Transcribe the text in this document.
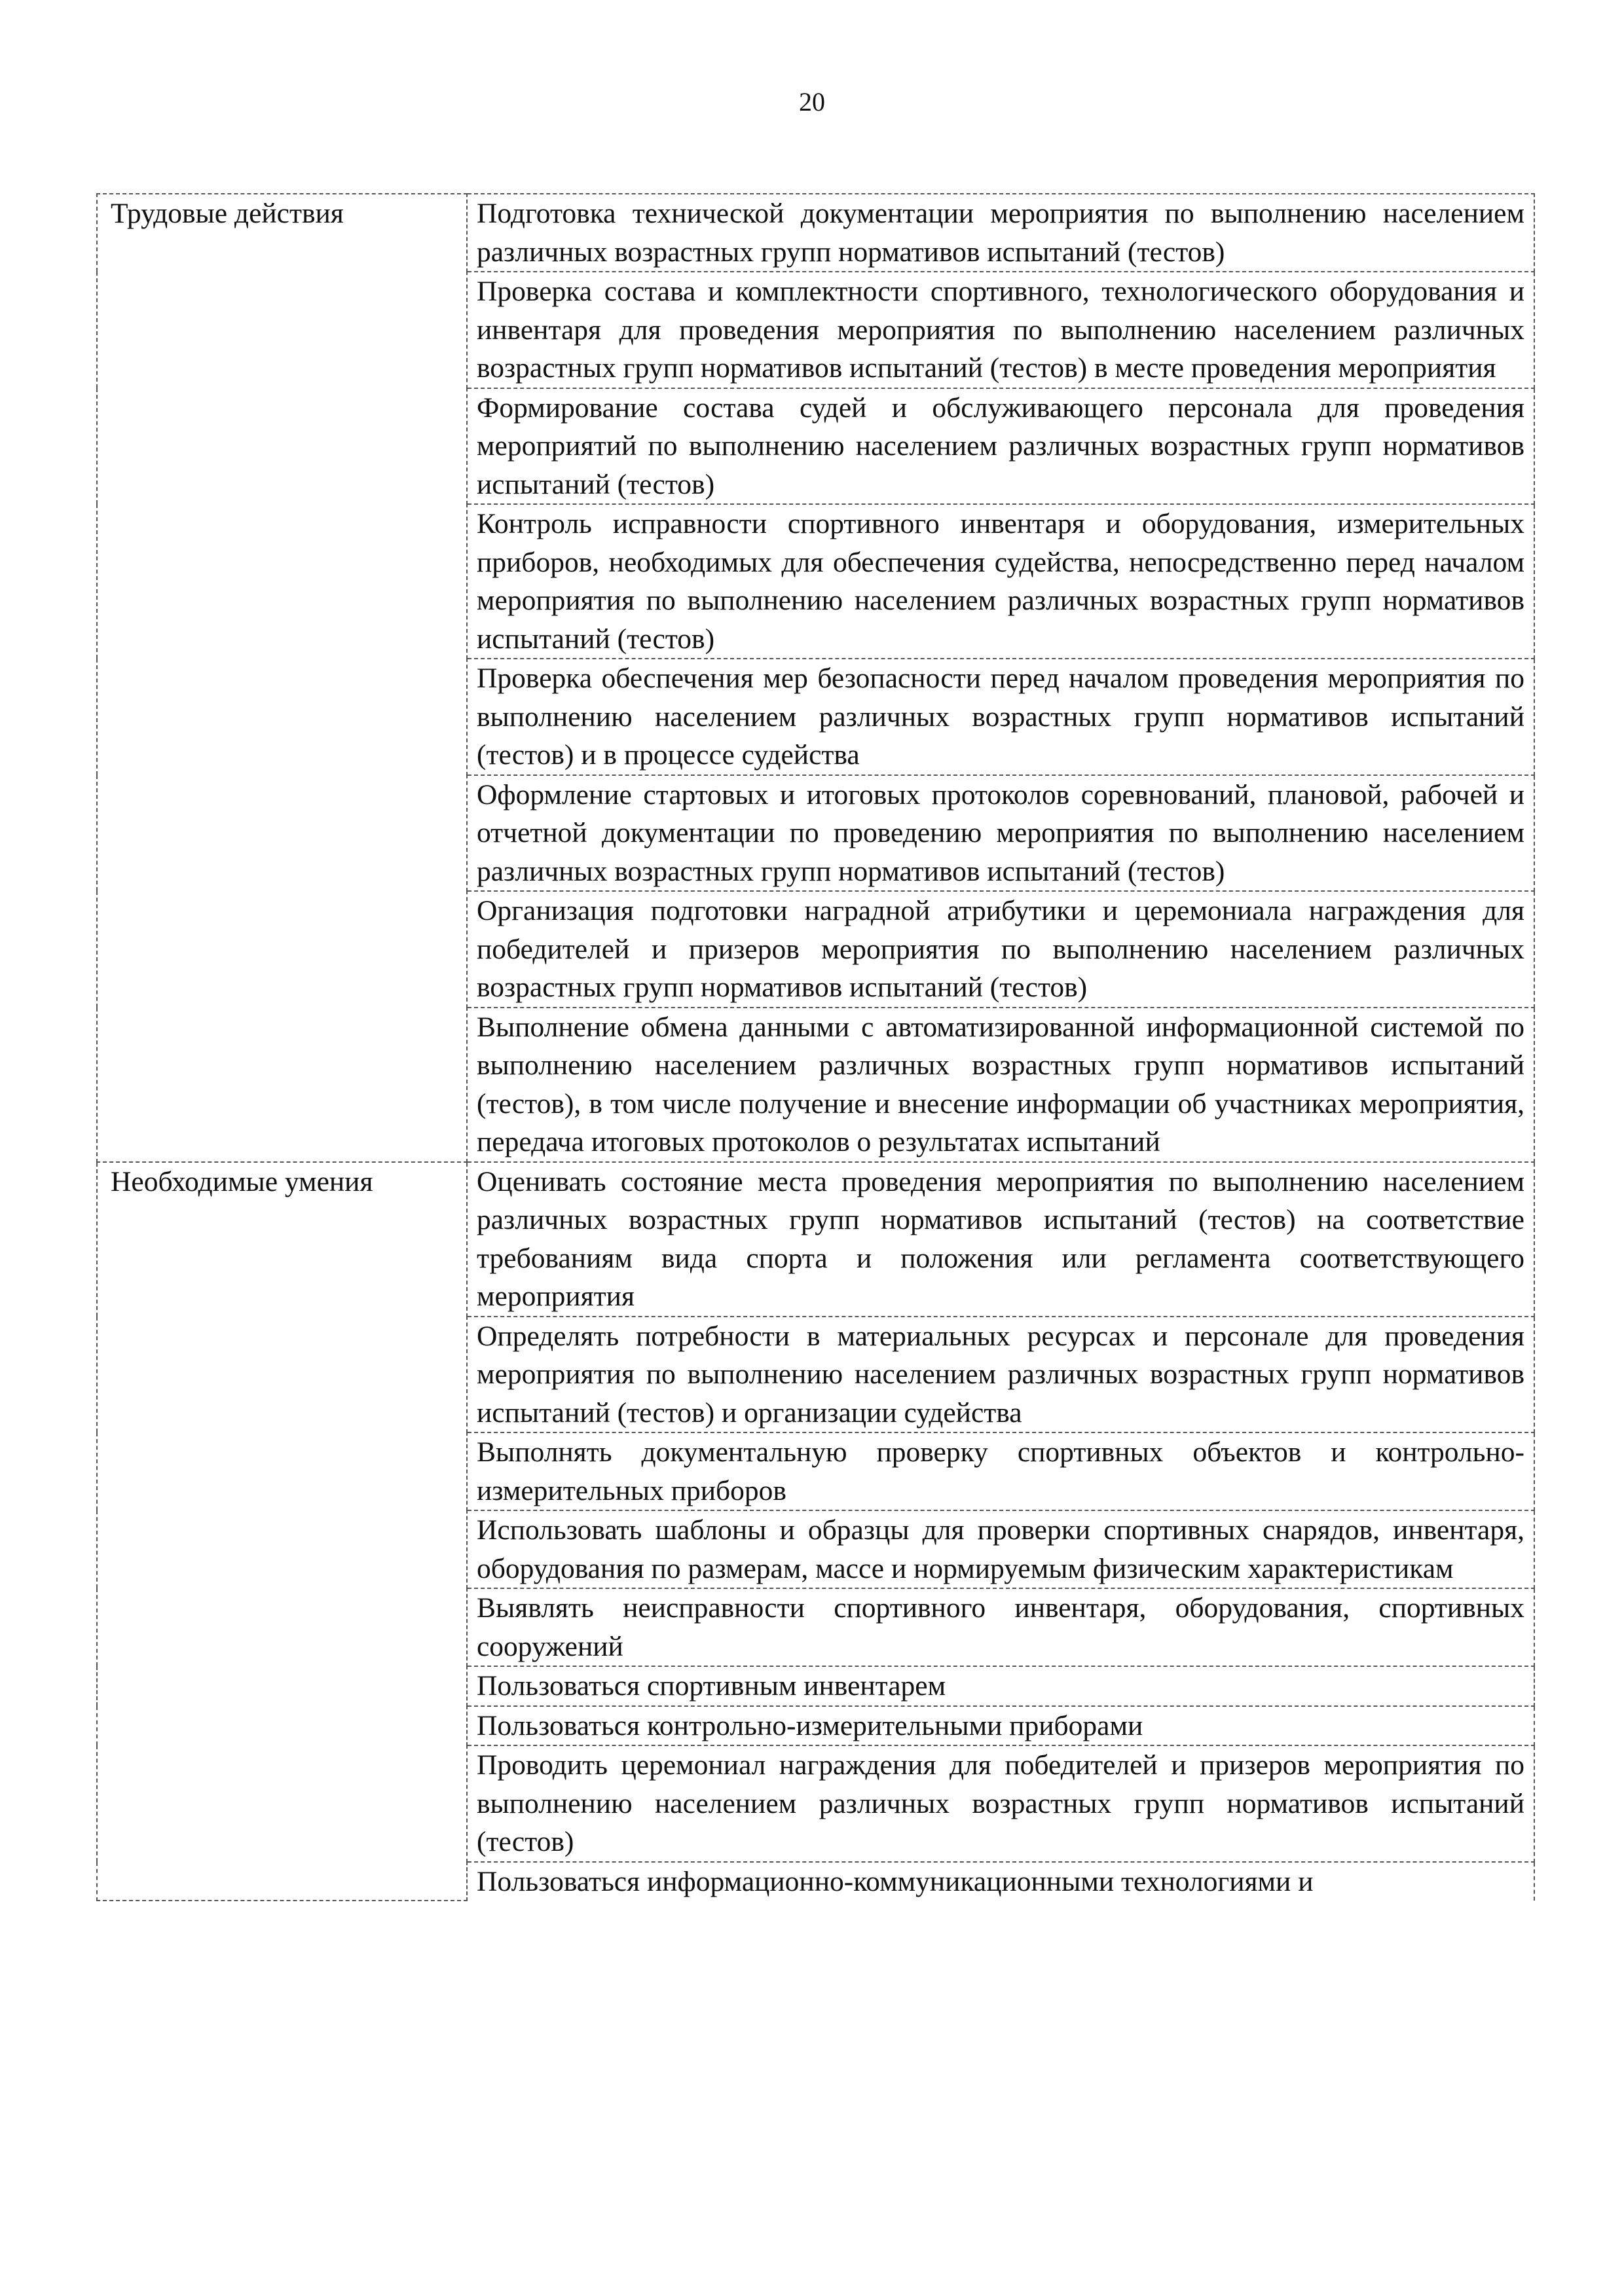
20
Трудовые действия	Подготовка технической документации мероприятия по выполнению населением различных возрастных групп нормативов испытаний (тестов)
	Проверка состава и комплектности спортивного, технологического оборудования и инвентаря для проведения мероприятия по выполнению населением различных возрастных групп нормативов испытаний (тестов) в месте проведения мероприятия
	Формирование состава судей и обслуживающего персонала для проведения мероприятий по выполнению населением различных возрастных групп нормативов испытаний (тестов)
	Контроль исправности спортивного инвентаря и оборудования, измерительных приборов, необходимых для обеспечения судейства, непосредственно перед началом мероприятия по выполнению населением различных возрастных групп нормативов испытаний (тестов)
	Проверка обеспечения мер безопасности перед началом проведения мероприятия по выполнению населением различных возрастных групп нормативов испытаний (тестов) и в процессе судейства
	Оформление стартовых и итоговых протоколов соревнований, плановой, рабочей и отчетной документации по проведению мероприятия по выполнению населением различных возрастных групп нормативов испытаний (тестов)
	Организация подготовки наградной атрибутики и церемониала награждения для победителей и призеров мероприятия по выполнению населением различных возрастных групп нормативов испытаний (тестов)
	Выполнение обмена данными с автоматизированной информационной системой по выполнению населением различных возрастных групп нормативов испытаний (тестов), в том числе получение и внесение информации об участниках мероприятия, передача итоговых протоколов о результатах испытаний
Необходимые умения	Оценивать состояние места проведения мероприятия по выполнению населением различных возрастных групп нормативов испытаний (тестов) на соответствие требованиям вида спорта и положения или регламента соответствующего мероприятия
	Определять потребности в материальных ресурсах и персонале для проведения мероприятия по выполнению населением различных возрастных групп нормативов испытаний (тестов) и организации судейства
	Выполнять документальную проверку спортивных объектов и контрольно-измерительных приборов
	Использовать шаблоны и образцы для проверки спортивных снарядов, инвентаря, оборудования по размерам, массе и нормируемым физическим характеристикам
	Выявлять неисправности спортивного инвентаря, оборудования, спортивных сооружений
	Пользоваться спортивным инвентарем
	Пользоваться контрольно-измерительными приборами
	Проводить церемониал награждения для победителей и призеров мероприятия по выполнению населением различных возрастных групп нормативов испытаний (тестов)
	Пользоваться информационно-коммуникационными технологиями и
